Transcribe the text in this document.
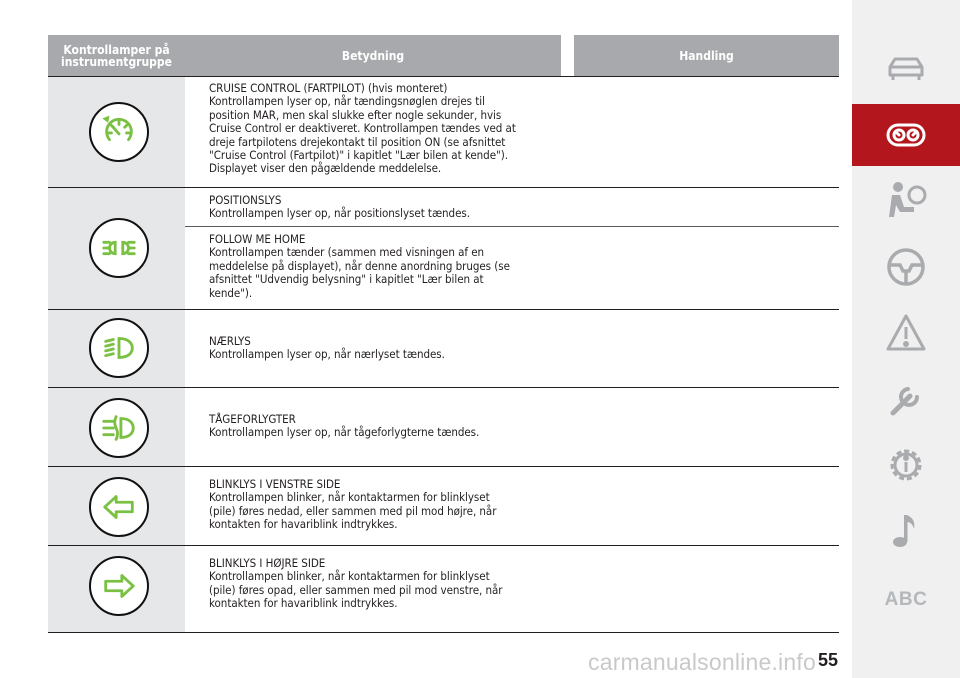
Kontrollamper på
instrumentgruppe	Betydning	Handling
CRUISE CONTROL (FARTPILOT) (hvis monteret)
Kontrollampen lyser op, når tændingsnøglen drejes til position MAR, men skal slukke efter nogle sekunder, hvis Cruise Control er deaktiveret. Kontrollampen tændes ved at dreje fartpilotens drejekontakt til position ON (se afsnittet "Cruise Control (Fartpilot)" i kapitlet "Lær bilen at kende"). Displayet viser den pågældende meddelelse.
POSITIONSLYS
Kontrollampen lyser op, når positionslyset tændes.
FOLLOW ME HOME
Kontrollampen tænder (sammen med visningen af en meddelelse på displayet), når denne anordning bruges (se afsnittet "Udvendig belysning" i kapitlet "Lær bilen at kende").
NÆRLYS
Kontrollampen lyser op, når nærlyset tændes.
TÅGEFORLYGTER
Kontrollampen lyser op, når tågeforlygterne tændes.
BLINKLYS I VENSTRE SIDE
Kontrollampen blinker, når kontaktarmen for blinklyset (pile) føres nedad, eller sammen med pil mod højre, når kontakten for havariblink indtrykkes.
BLINKLYS I HØJRE SIDE
Kontrollampen blinker, når kontaktarmen for blinklyset (pile) føres opad, eller sammen med pil mod venstre, når kontakten for havariblink indtrykkes.	ABC
carmanualsonline.info 55
